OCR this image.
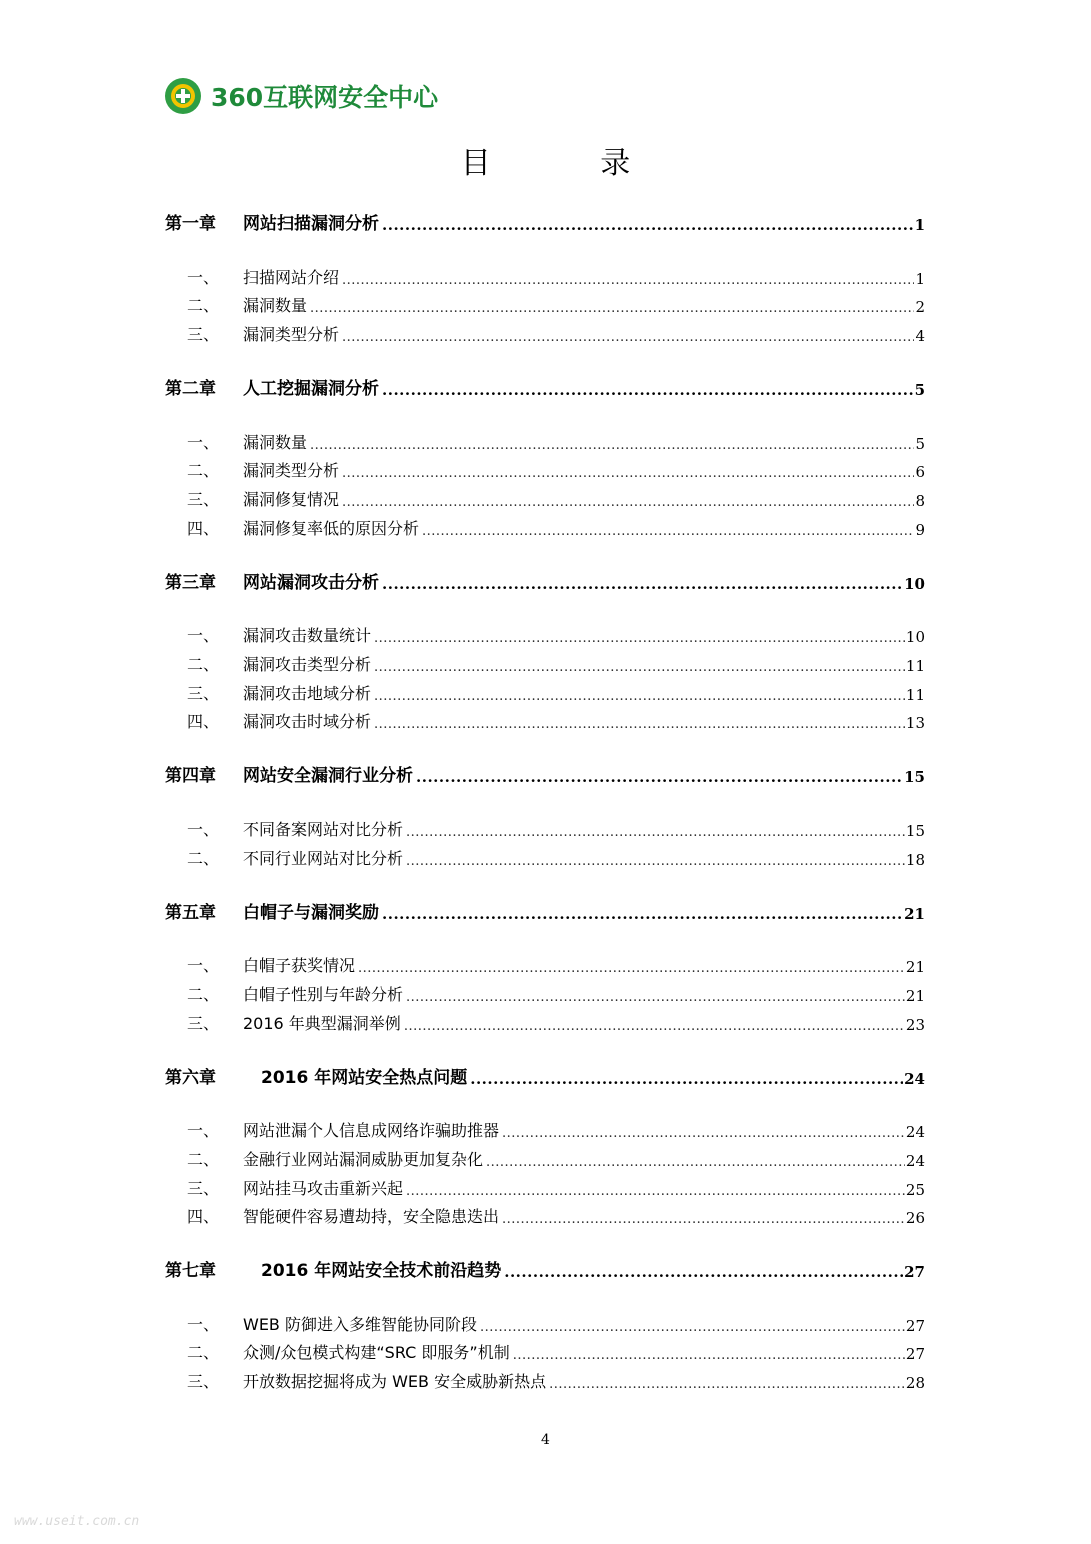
360互联网安全中心
目 录
第一章	网站扫描漏洞分析 .....	1
一、	扫描网站介绍 .....	1
二、	漏洞数量 .....	2
三、	漏洞类型分析 .....	4
第二章	人工挖掘漏洞分析 .....	5
一、	漏洞数量 .....	5
二、	漏洞类型分析 .....	6
三、	漏洞修复情况 .....	8
四、	漏洞修复率低的原因分析 .....	9
第三章	网站漏洞攻击分析 .....	10
一、	漏洞攻击数量统计 .....	10
二、	漏洞攻击类型分析 .....	11
三、	漏洞攻击地域分析 .....	11
四、	漏洞攻击时域分析 .....	13
第四章	网站安全漏洞行业分析 .....	15
一、	不同备案网站对比分析 .....	15
二、	不同行业网站对比分析 .....	18
第五章	白帽子与漏洞奖励 .....	21
一、	白帽子获奖情况 .....	21
二、	白帽子性别与年龄分析 .....	21
三、	2016 年典型漏洞举例 .....	23
第六章	2016 年网站安全热点问题 .....	24
一、	网站泄漏个人信息成网络诈骗助推器 .....	24
二、	金融行业网站漏洞威胁更加复杂化 .....	24
三、	网站挂马攻击重新兴起 .....	25
四、	智能硬件容易遭劫持，安全隐患迭出 .....	26
第七章	2016 年网站安全技术前沿趋势 .....	27
一、	WEB 防御进入多维智能协同阶段 .....	27
二、	众测/众包模式构建“SRC 即服务”机制 .....	27
三、	开放数据挖掘将成为 WEB 安全威胁新热点 .....	28
4
www.useit.com.cn
